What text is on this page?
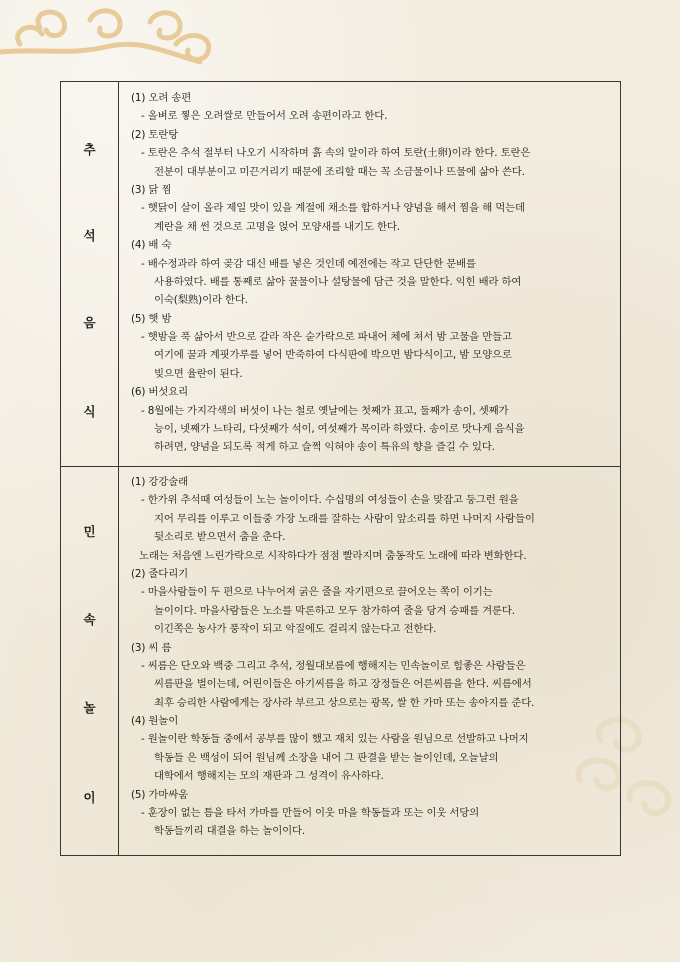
추
석
음
식
(1) 오려 송편
- 올벼로 찧은 오려쌀로 만들어서 오려 송편이라고 한다.
(2) 토란탕
- 토란은 추석 절부터 나오기 시작하며 흙 속의 알이라 하여 토란(土卵)이라 한다. 토란은
전분이 대부분이고 미끈거리기 때문에 조리할 때는 꼭 소금물이나 뜨물에 삶아 쓴다.
(3) 닭 찜
- 햇닭이 살이 올라 제일 맛이 있을 계절에 채소를 합하거나 양념을 해서 찜을 해 먹는데
계란을 채 썬 것으로 고명을 얹어 모양새를 내기도 한다.
(4) 배 숙
- 배수정과라 하여 곶감 대신 배를 넣은 것인데 예전에는 작고 단단한 문배를
사용하였다. 배를 통째로 삶아 꿀물이나 설탕물에 담근 것을 말한다. 익힌 배라 하여
이숙(梨熟)이라 한다.
(5) 햇 밤
- 햇밤을 푹 삶아서 반으로 갈라 작은 숟가락으로 파내어 체에 쳐서 밤 고물을 만들고
여기에 꿀과 계핏가루를 넣어 반죽하여 다식판에 박으면 밤다식이고, 밤 모양으로
빚으면 율란이 된다.
(6) 버섯요리
- 8월에는 가지각색의 버섯이 나는 철로 옛날에는 첫째가 표고, 둘째가 송이, 셋째가
능이, 넷째가 느타리, 다섯째가 석이, 여섯째가 목이라 하였다. 송이로 맛나게 음식을
하려면, 양념을 되도록 적게 하고 슬쩍 익혀야 송이 특유의 향을 즐길 수 있다.
민
속
놀
이
(1) 강강술래
- 한가위 추석때 여성들이 노는 놀이이다. 수십명의 여성들이 손을 맞잡고 둥그런 원을
지어 무리를 이루고 이들중 가장 노래를 잘하는 사람이 앞소리를 하면 나머지 사람들이
뒷소리로 받으면서 춤을 춘다.
노래는 처음엔 느린가락으로 시작하다가 점점 빨라지며 춤동작도 노래에 따라 변화한다.
(2) 줄다리기
- 마을사람들이 두 편으로 나누어져 굵은 줄을 자기편으로 끌어오는 쪽이 이기는
놀이이다. 마을사람들은 노소를 막론하고 모두 참가하여 줄을 당겨 승패를 겨룬다.
이긴쪽은 농사가 풍작이 되고 악질에도 걸리지 않는다고 전한다.
(3) 씨 름
- 씨름은 단오와 백중 그리고 추석, 정월대보름에 행해지는 민속놀이로 힘좋은 사람들은
씨름판을 벌이는데, 어린이들은 아기씨름을 하고 장정들은 어른씨름을 한다. 씨름에서
최후 승리한 사람에게는 장사라 부르고 상으로는 광목, 쌀 한 가마 또는 송아지를 준다.
(4) 원놀이
- 원놀이란 학동들 중에서 공부를 많이 했고 재치 있는 사람을 원님으로 선발하고 나머지
학동들 은 백성이 되어 원님께 소장을 내어 그 판결을 받는 놀이인데, 오늘날의
대학에서 행해지는 모의 재판과 그 성격이 유사하다.
(5) 가마싸움
- 훈장이 없는 틈을 타서 가마를 만들어 이웃 마을 학동들과 또는 이웃 서당의
학동들끼리 대결을 하는 놀이이다.
